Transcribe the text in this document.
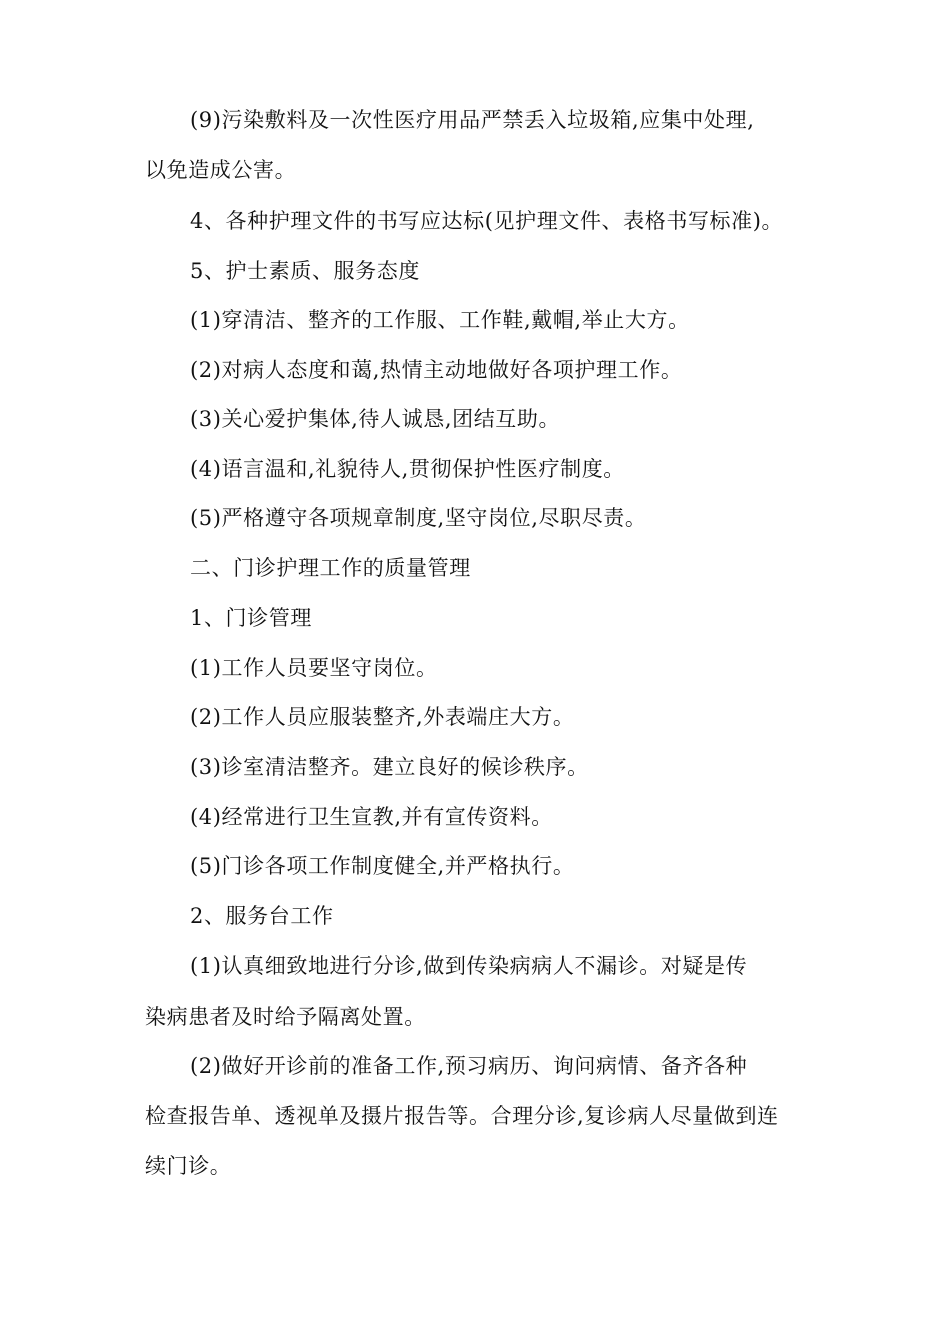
(9)污染敷料及一次性医疗用品严禁丢入垃圾箱,应集中处理,
以免造成公害。
4、各种护理文件的书写应达标(见护理文件、表格书写标准)。
5、护士素质、服务态度
(1)穿清洁、整齐的工作服、工作鞋,戴帽,举止大方。
(2)对病人态度和蔼,热情主动地做好各项护理工作。
(3)关心爱护集体,待人诚恳,团结互助。
(4)语言温和,礼貌待人,贯彻保护性医疗制度。
(5)严格遵守各项规章制度,坚守岗位,尽职尽责。
二、门诊护理工作的质量管理
1、门诊管理
(1)工作人员要坚守岗位。
(2)工作人员应服装整齐,外表端庄大方。
(3)诊室清洁整齐。建立良好的候诊秩序。
(4)经常进行卫生宣教,并有宣传资料。
(5)门诊各项工作制度健全,并严格执行。
2、服务台工作
(1)认真细致地进行分诊,做到传染病病人不漏诊。对疑是传
染病患者及时给予隔离处置。
(2)做好开诊前的准备工作,预习病历、询问病情、备齐各种
检查报告单、透视单及摄片报告等。合理分诊,复诊病人尽量做到连
续门诊。
